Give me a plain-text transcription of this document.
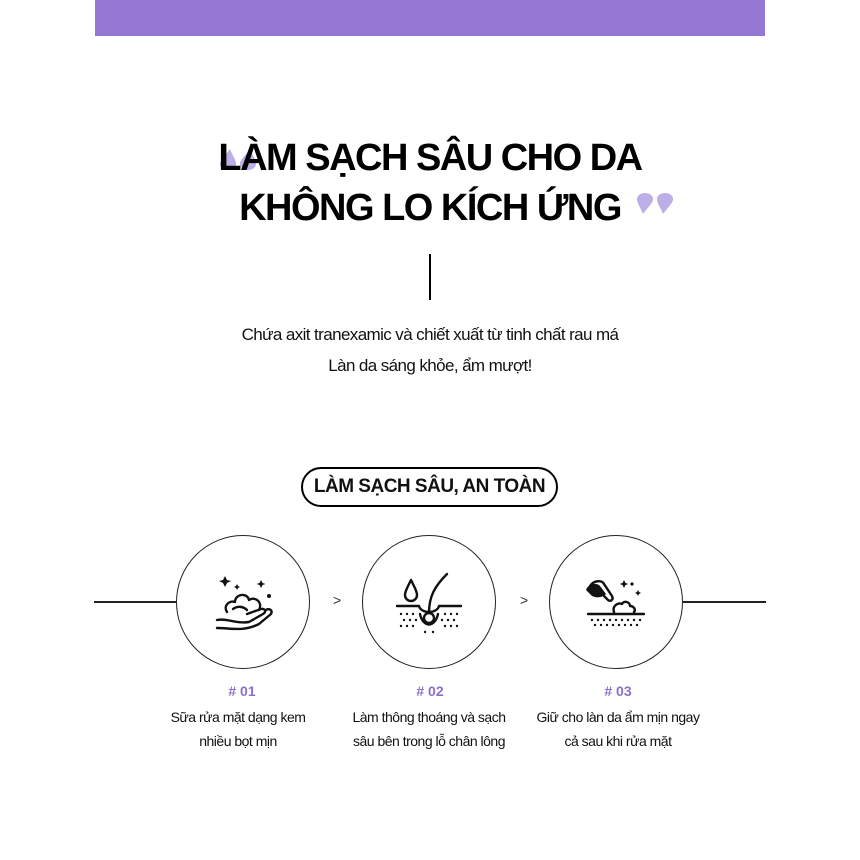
LÀM SẠCH SÂU CHO DA
KHÔNG LO KÍCH ỨNG
Chứa axit tranexamic và chiết xuất từ tinh chất rau má
Làn da sáng khỏe, ẩm mượt!
LÀM SẠCH SÂU, AN TOÀN
>	>
# 01
Sữa rửa mặt dạng kem
nhiều bọt mịn
# 02
Làm thông thoáng và sạch
sâu bên trong lỗ chân lông
# 03
Giữ cho làn da ẩm mịn ngay
cả sau khi rửa mặt
